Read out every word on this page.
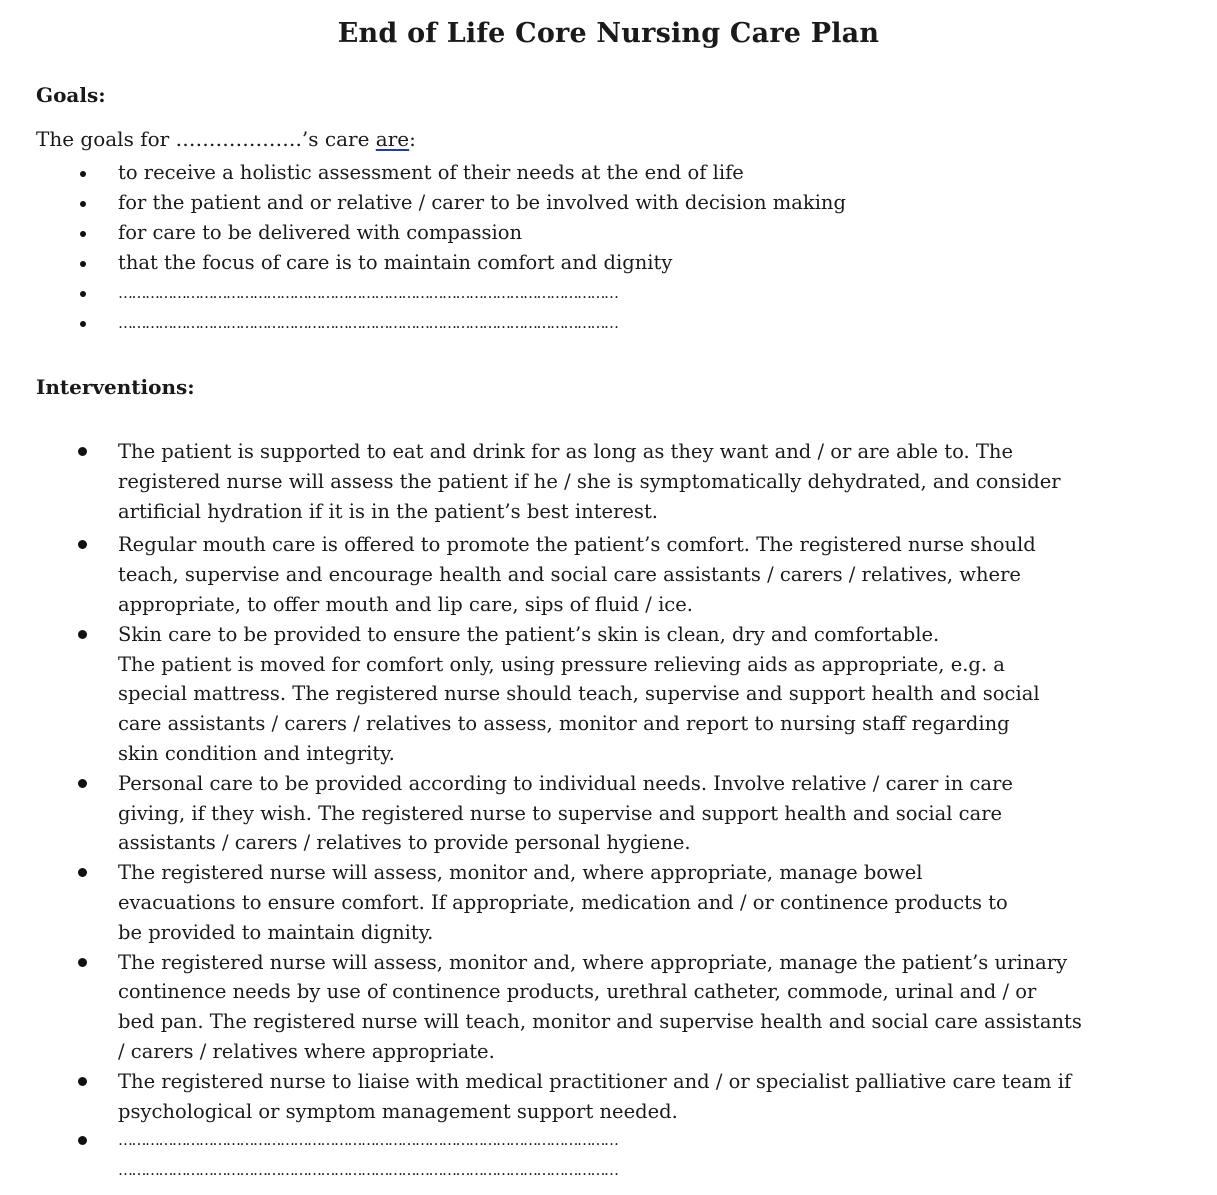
End of Life Core Nursing Care Plan
Goals:
The goals for ……………….’s care are:
to receive a holistic assessment of their needs at the end of life
for the patient and or relative / carer to be involved with decision making
for care to be delivered with compassion
that the focus of care is to maintain comfort and dignity
…………………………………………………………………………………………………
…………………………………………………………………………………………………
Interventions:
The patient is supported to eat and drink for as long as they want and / or are able to. The
registered nurse will assess the patient if he / she is symptomatically dehydrated, and consider
artificial hydration if it is in the patient’s best interest.
Regular mouth care is offered to promote the patient’s comfort. The registered nurse should
teach, supervise and encourage health and social care assistants / carers / relatives, where
appropriate, to offer mouth and lip care, sips of fluid / ice.
Skin care to be provided to ensure the patient’s skin is clean, dry and comfortable.
The patient is moved for comfort only, using pressure relieving aids as appropriate, e.g. a
special mattress. The registered nurse should teach, supervise and support health and social
care assistants / carers / relatives to assess, monitor and report to nursing staff regarding
skin condition and integrity.
Personal care to be provided according to individual needs. Involve relative / carer in care
giving, if they wish. The registered nurse to supervise and support health and social care
assistants / carers / relatives to provide personal hygiene.
The registered nurse will assess, monitor and, where appropriate, manage bowel
evacuations to ensure comfort. If appropriate, medication and / or continence products to
be provided to maintain dignity.
The registered nurse will assess, monitor and, where appropriate, manage the patient’s urinary
continence needs by use of continence products, urethral catheter, commode, urinal and / or
bed pan. The registered nurse will teach, monitor and supervise health and social care assistants
/ carers / relatives where appropriate.
The registered nurse to liaise with medical practitioner and / or specialist palliative care team if
psychological or symptom management support needed.
…………………………………………………………………………………………………
…………………………………………………………………………………………………
